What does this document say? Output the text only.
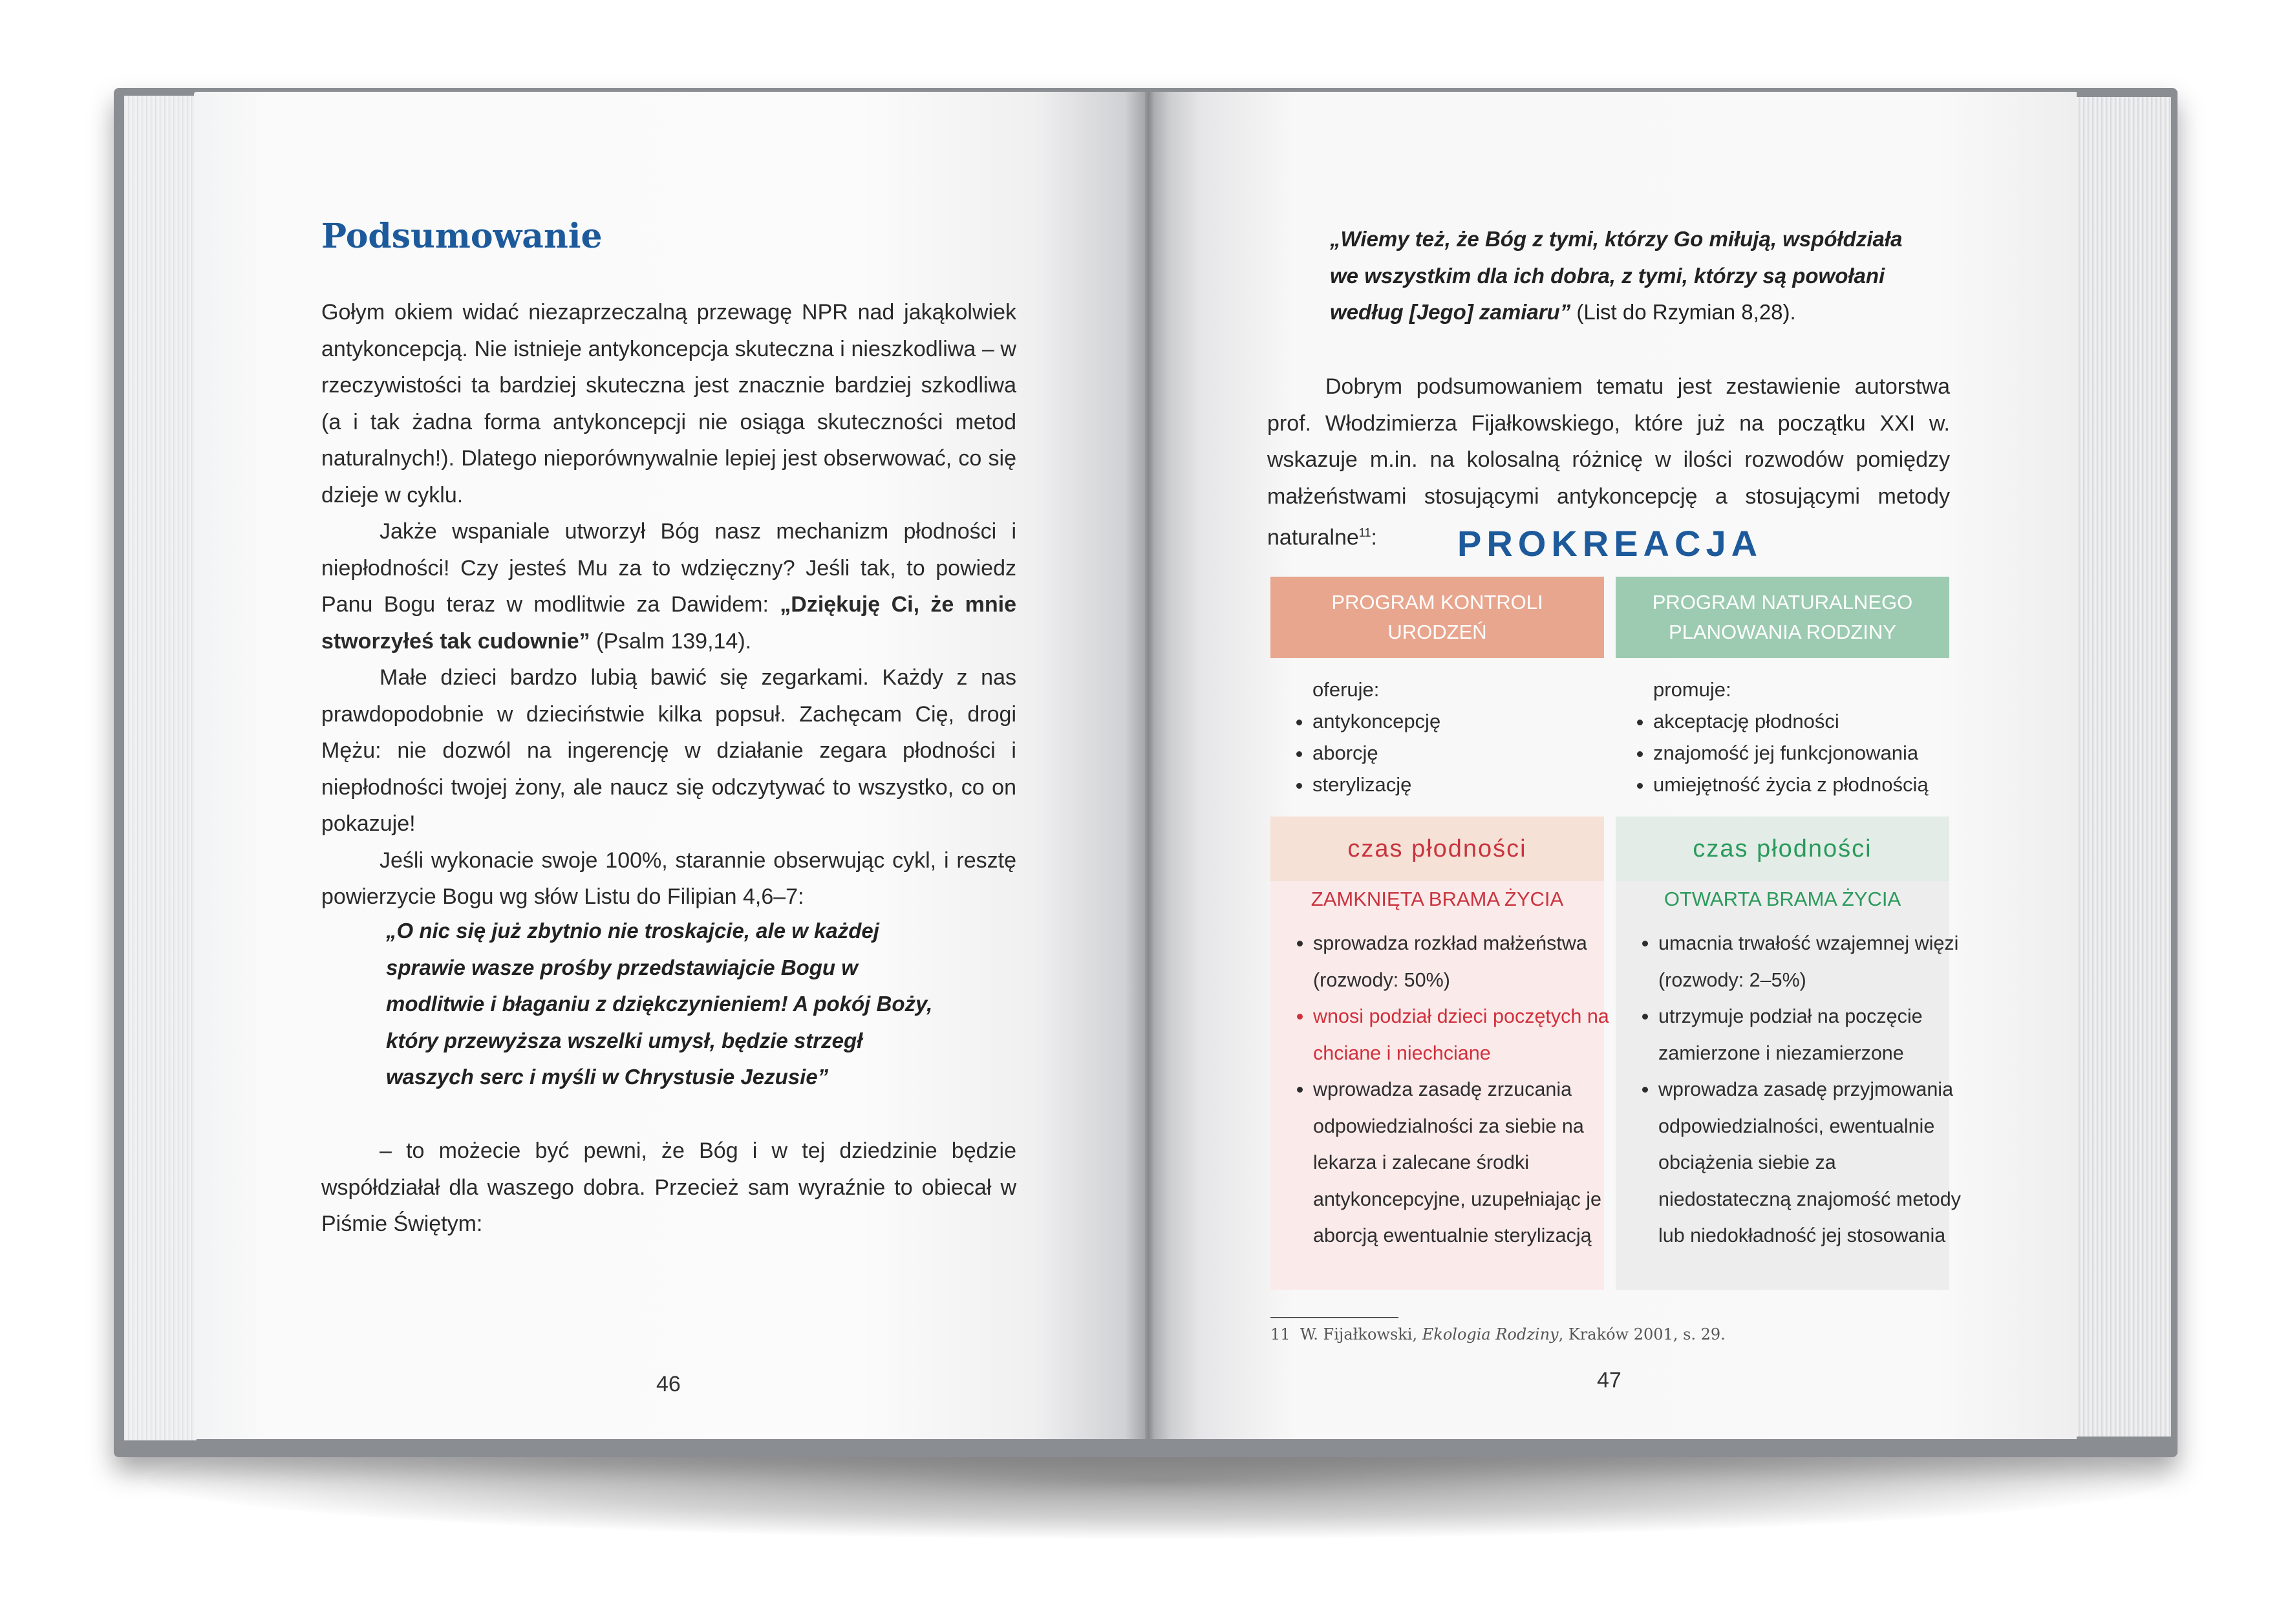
Podsumowanie

Gołym okiem widać niezaprzeczalną przewagę NPR nad jakąkolwiek antykoncepcją. Nie istnieje antykoncepcja skuteczna i nieszkodliwa – w rzeczywistości ta bardziej skuteczna jest znacznie bardziej szkodliwa (a i tak żadna forma antykoncepcji nie osiąga skuteczności metod naturalnych!). Dlatego nieporównywalnie lepiej jest obserwować, co się dzieje w cyklu.

Jakże wspaniale utworzył Bóg nasz mechanizm płodności i niepłodności! Czy jesteś Mu za to wdzięczny? Jeśli tak, to powiedz Panu Bogu teraz w modlitwie za Dawidem: „Dziękuję Ci, że mnie stworzyłeś tak cudownie” (Psalm 139,14).

Małe dzieci bardzo lubią bawić się zegarkami. Każdy z nas prawdopodobnie w dzieciństwie kilka popsuł. Zachęcam Cię, drogi Mężu: nie dozwól na ingerencję w działanie zegara płodności i niepłodności twojej żony, ale naucz się odczytywać to wszystko, co on pokazuje!

Jeśli wykonacie swoje 100%, starannie obserwując cykl, i resztę powierzycie Bogu wg słów Listu do Filipian 4,6–7:

„O nic się już zbytnio nie troskajcie, ale w każdej sprawie wasze prośby przedstawiajcie Bogu w modlitwie i błaganiu z dziękczynieniem! A pokój Boży, który przewyższa wszelki umysł, będzie strzegł waszych serc i myśli w Chrystusie Jezusie”

– to możecie być pewni, że Bóg i w tej dziedzinie będzie współdziałał dla waszego dobra. Przecież sam wyraźnie to obiecał w Piśmie Świętym:

46
„Wiemy też, że Bóg z tymi, którzy Go miłują, współdziała we wszystkim dla ich dobra, z tymi, którzy są powołani według [Jego] zamiaru” (List do Rzymian 8,28).

Dobrym podsumowaniem tematu jest zestawienie autorstwa prof. Włodzimierza Fijałkowskiego, które już na początku XXI w. wskazuje m.in. na kolosalną różnicę w ilości rozwodów pomiędzy małżeństwami stosującymi antykoncepcję a stosującymi metody naturalne$^{11}$:	PROKREACJA
PROGRAM KONTROLI URODZEŃ
PROGRAM NATURALNEGO PLANOWANIA RODZINY
oferuje:
• antykoncepcję
• aborcję
• sterylizację
promuje:
• akceptację płodności
• znajomość jej funkcjonowania
• umiejętność życia z płodnością
czas płodności
ZAMKNIĘTA BRAMA ŻYCIA
• sprowadza rozkład małżeństwa (rozwody: 50%)
• wnosi podział dzieci poczętych na chciane i niechciane
• wprowadza zasadę zrzucania odpowiedzialności za siebie na lekarza i zalecane środki antykoncepcyjne, uzupełniając je aborcją ewentualnie sterylizacją
czas płodności
OTWARTA BRAMA ŻYCIA
• umacnia trwałość wzajemnej więzi (rozwody: 2–5%)
• utrzymuje podział na poczęcie zamierzone i niezamierzone
• wprowadza zasadę przyjmowania odpowiedzialności, ewentualnie obciążenia siebie za niedostateczną znajomość metody lub niedokładność jej stosowania
11 W. Fijałkowski, Ekologia Rodziny, Kraków 2001, s. 29.
47
